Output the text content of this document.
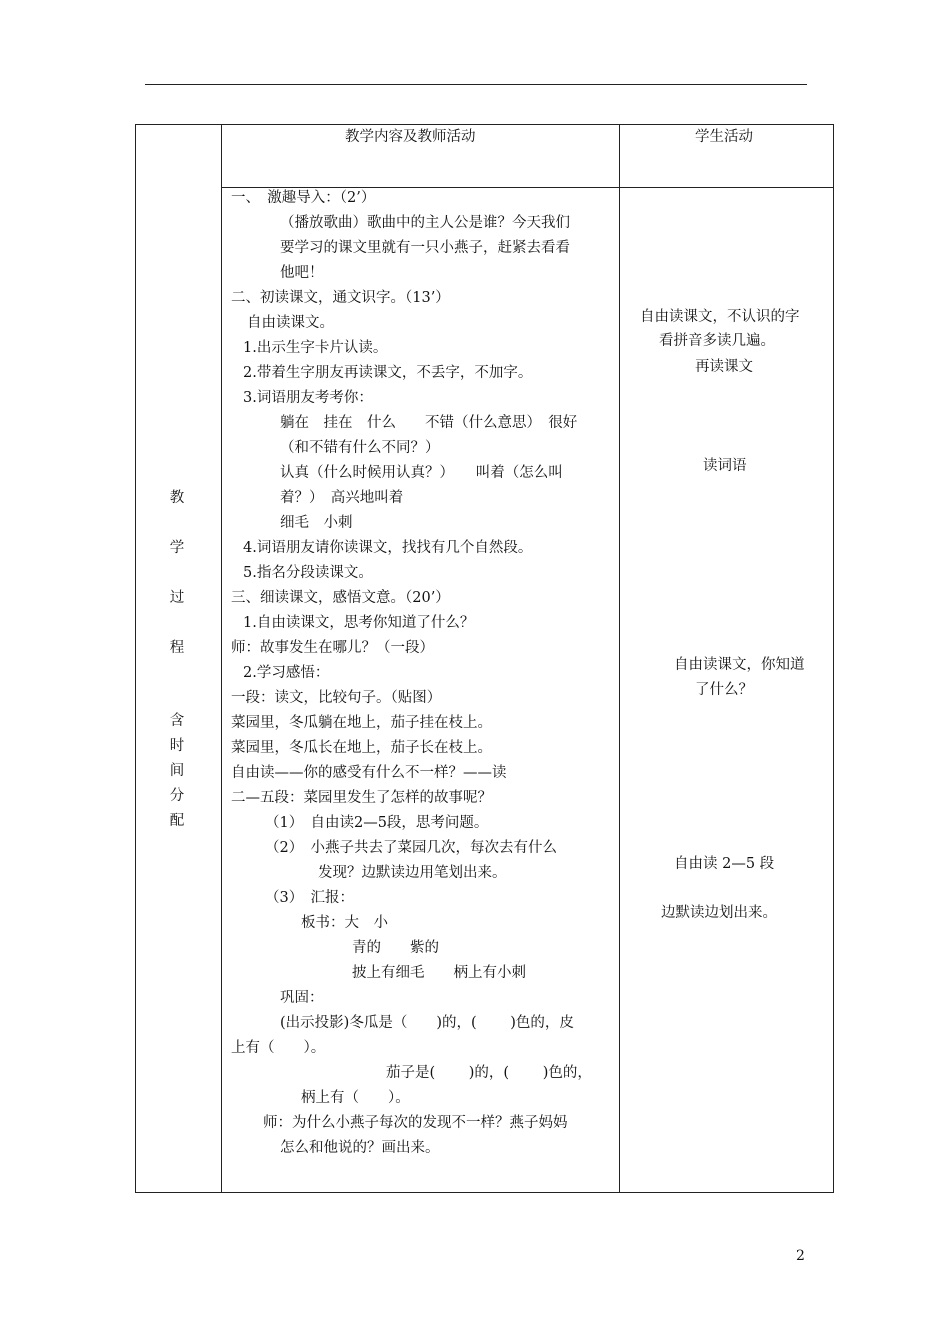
教学内容及教师活动	学生活动
教
学
过
程
含
时
间
分
配
一、　激趣导入：（2’）
（播放歌曲）歌曲中的主人公是谁？今天我们
要学习的课文里就有一只小燕子，赶紧去看看
他吧！
二、初读课文，通文识字。（13’）
自由读课文。
1.出示生字卡片认读。
2.带着生字朋友再读课文，不丢字，不加字。
3.词语朋友考考你：
躺在　挂在　什么　　不错（什么意思）　很好
（和不错有什么不同？）
认真（什么时候用认真？）　　叫着（怎么叫
着？）　高兴地叫着
细毛　小刺
4.词语朋友请你读课文，找找有几个自然段。
5.指名分段读课文。
三、细读课文，感悟文意。（20’）
1.自由读课文，思考你知道了什么？
师：故事发生在哪儿？（一段）
2.学习感悟：
一段：读文，比较句子。（贴图）
菜园里，冬瓜躺在地上，茄子挂在枝上。
菜园里，冬瓜长在地上，茄子长在枝上。
自由读——你的感受有什么不一样？——读
二—五段：菜园里发生了怎样的故事呢？
（1）　自由读2—5段，思考问题。
（2）　小燕子共去了菜园几次，每次去有什么
发现？边默读边用笔划出来。
（3）　汇报：
板书：大　小
青的　　紫的
披上有细毛　　柄上有小刺
巩固：
(出示投影)冬瓜是（　　)的，(　　 )色的，皮
上有（　　）。
茄子是(　　 )的，(　　 )色的，
柄上有（　　）。
师：为什么小燕子每次的发现不一样？燕子妈妈
怎么和他说的？画出来。
自由读课文，不认识的字
看拼音多读几遍。
再读课文
读词语
自由读课文，你知道
了什么？
自由读 2—5 段
边默读边划出来。
2
